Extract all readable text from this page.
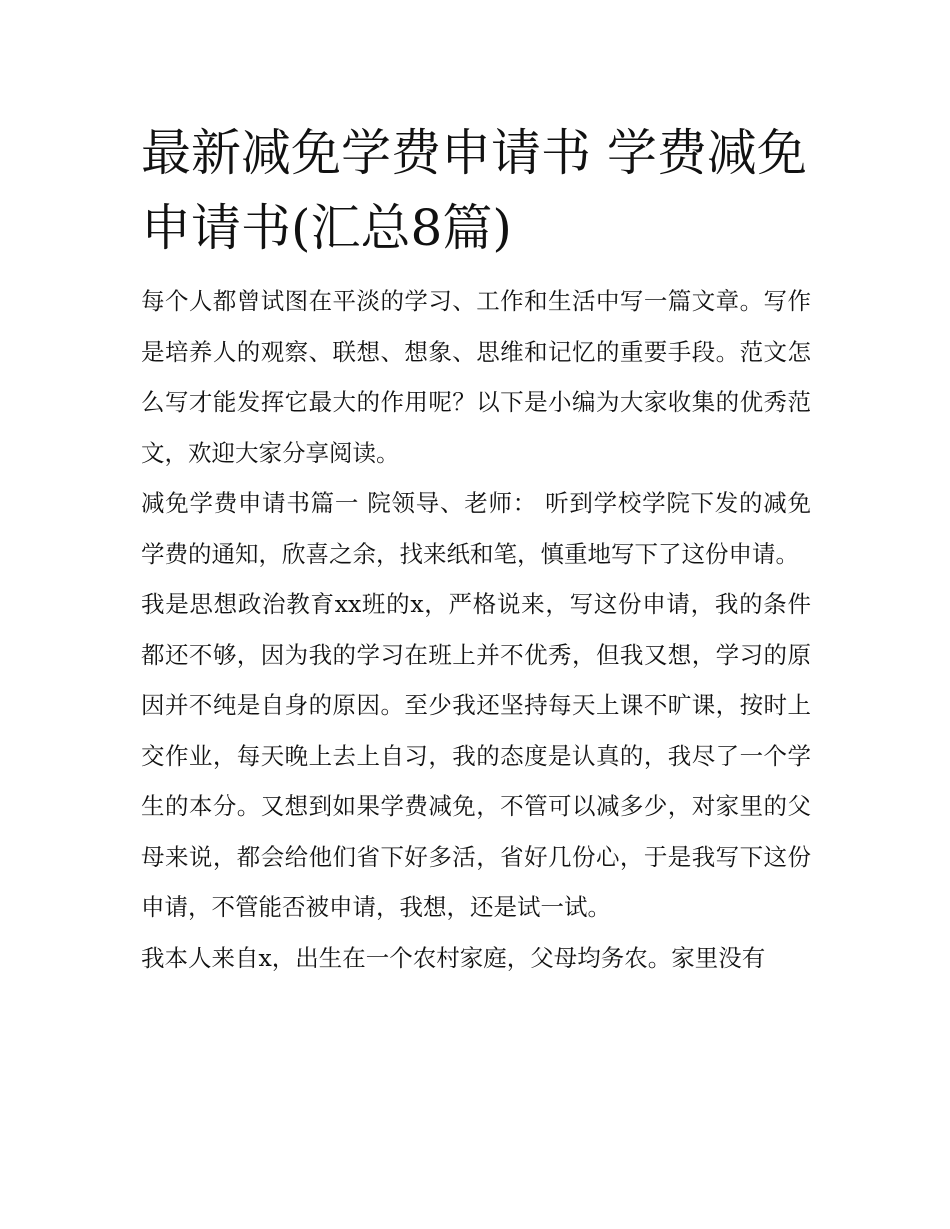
最新减免学费申请书 学费减免申请书(汇总8篇)

每个人都曾试图在平淡的学习、工作和生活中写一篇文章。写作是培养人的观察、联想、想象、思维和记忆的重要手段。范文怎么写才能发挥它最大的作用呢？以下是小编为大家收集的优秀范文，欢迎大家分享阅读。

减免学费申请书篇一 院领导、老师： 听到学校学院下发的减免学费的通知，欣喜之余，找来纸和笔，慎重地写下了这份申请。

我是思想政治教育xx班的x，严格说来，写这份申请，我的条件都还不够，因为我的学习在班上并不优秀，但我又想，学习的原因并不纯是自身的原因。至少我还坚持每天上课不旷课，按时上交作业，每天晚上去上自习，我的态度是认真的，我尽了一个学生的本分。又想到如果学费减免，不管可以减多少，对家里的父母来说，都会给他们省下好多活，省好几份心，于是我写下这份申请，不管能否被申请，我想，还是试一试。

我本人来自x，出生在一个农村家庭，父母均务农。家里没有
